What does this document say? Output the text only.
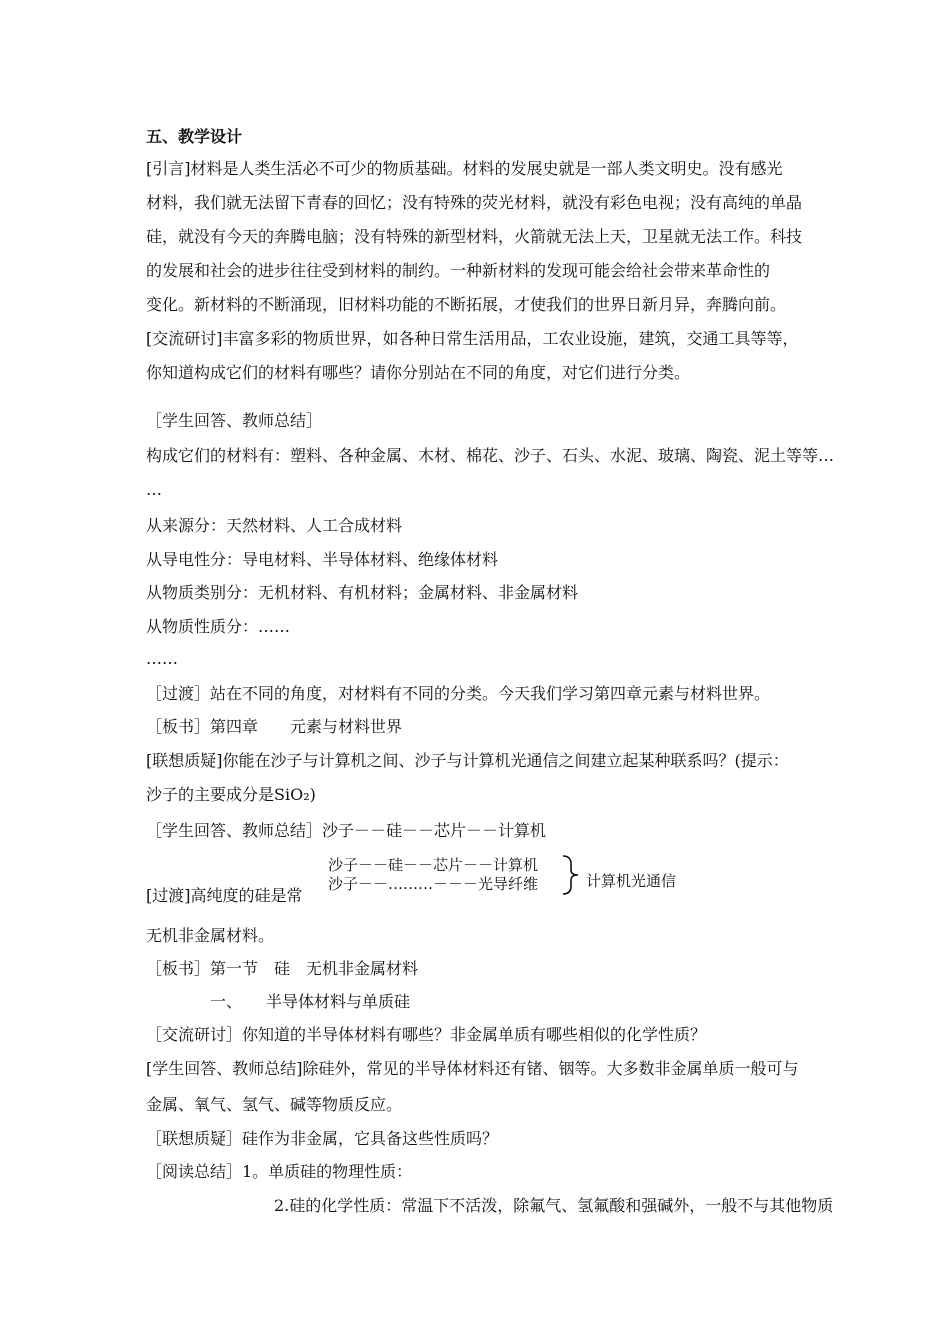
五、教学设计
[引言]材料是人类生活必不可少的物质基础。材料的发展史就是一部人类文明史。没有感光
材料，我们就无法留下青春的回忆；没有特殊的荧光材料，就没有彩色电视；没有高纯的单晶
硅，就没有今天的奔腾电脑；没有特殊的新型材料，火箭就无法上天，卫星就无法工作。科技
的发展和社会的进步往往受到材料的制约。一种新材料的发现可能会给社会带来革命性的
变化。新材料的不断涌现，旧材料功能的不断拓展，才使我们的世界日新月异，奔腾向前。
[交流研讨]丰富多彩的物质世界，如各种日常生活用品，工农业设施，建筑，交通工具等等，
你知道构成它们的材料有哪些？请你分别站在不同的角度，对它们进行分类。
［学生回答、教师总结］
构成它们的材料有：塑料、各种金属、木材、棉花、沙子、石头、水泥、玻璃、陶瓷、泥土等等…
…
从来源分：天然材料、人工合成材料
从导电性分：导电材料、半导体材料、绝缘体材料
从物质类别分：无机材料、有机材料；金属材料、非金属材料
从物质性质分：……
……
［过渡］站在不同的角度，对材料有不同的分类。今天我们学习第四章元素与材料世界。
［板书］第四章　　元素与材料世界
[联想质疑]你能在沙子与计算机之间、沙子与计算机光通信之间建立起某种联系吗？(提示：
沙子的主要成分是SiO₂)
［学生回答、教师总结］沙子－－硅－－芯片－－计算机
[过渡]高纯度的硅是常
无机非金属材料。
［板书］第一节　硅　无机非金属材料
　　　　一、　　半导体材料与单质硅
［交流研讨］你知道的半导体材料有哪些？非金属单质有哪些相似的化学性质？
[学生回答、教师总结]除硅外，常见的半导体材料还有锗、铟等。大多数非金属单质一般可与
金属、氧气、氢气、碱等物质反应。
［联想质疑］硅作为非金属，它具备这些性质吗？
［阅读总结］1。单质硅的物理性质：
　　　　　　　　2.硅的化学性质：常温下不活泼，除氟气、氢氟酸和强碱外，一般不与其他物质
沙子－－硅－－芯片－－计算机
沙子－－………－－－光导纤维	计算机光通信
